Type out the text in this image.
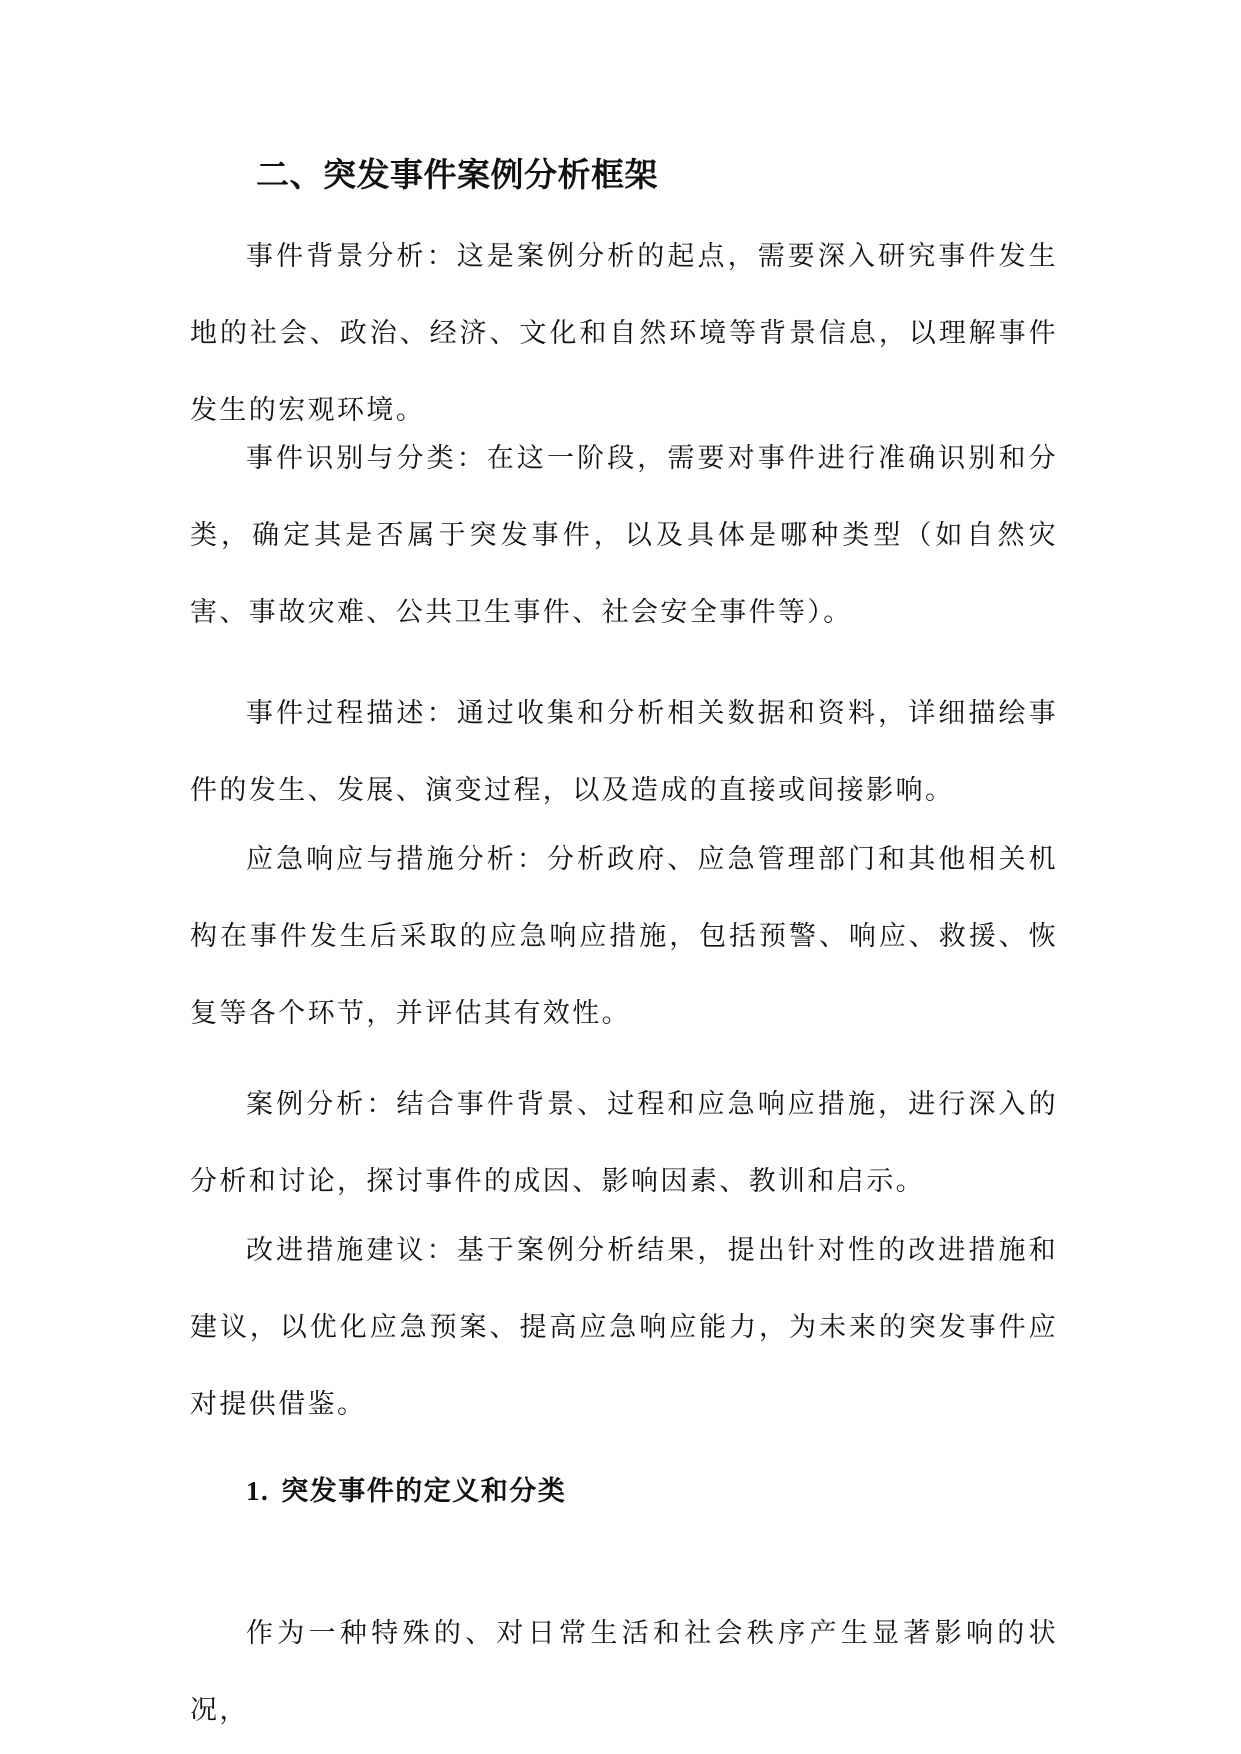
二、突发事件案例分析框架

事件背景分析：这是案例分析的起点，需要深入研究事件发生地的社会、政治、经济、文化和自然环境等背景信息，以理解事件发生的宏观环境。

事件识别与分类：在这一阶段，需要对事件进行准确识别和分类，确定其是否属于突发事件，以及具体是哪种类型（如自然灾害、事故灾难、公共卫生事件、社会安全事件等）。

事件过程描述：通过收集和分析相关数据和资料，详细描绘事件的发生、发展、演变过程，以及造成的直接或间接影响。

应急响应与措施分析：分析政府、应急管理部门和其他相关机构在事件发生后采取的应急响应措施，包括预警、响应、救援、恢复等各个环节，并评估其有效性。

案例分析：结合事件背景、过程和应急响应措施，进行深入的分析和讨论，探讨事件的成因、影响因素、教训和启示。

改进措施建议：基于案例分析结果，提出针对性的改进措施和建议，以优化应急预案、提高应急响应能力，为未来的突发事件应对提供借鉴。

1. 突发事件的定义和分类

作为一种特殊的、对日常生活和社会秩序产生显著影响的状况，
